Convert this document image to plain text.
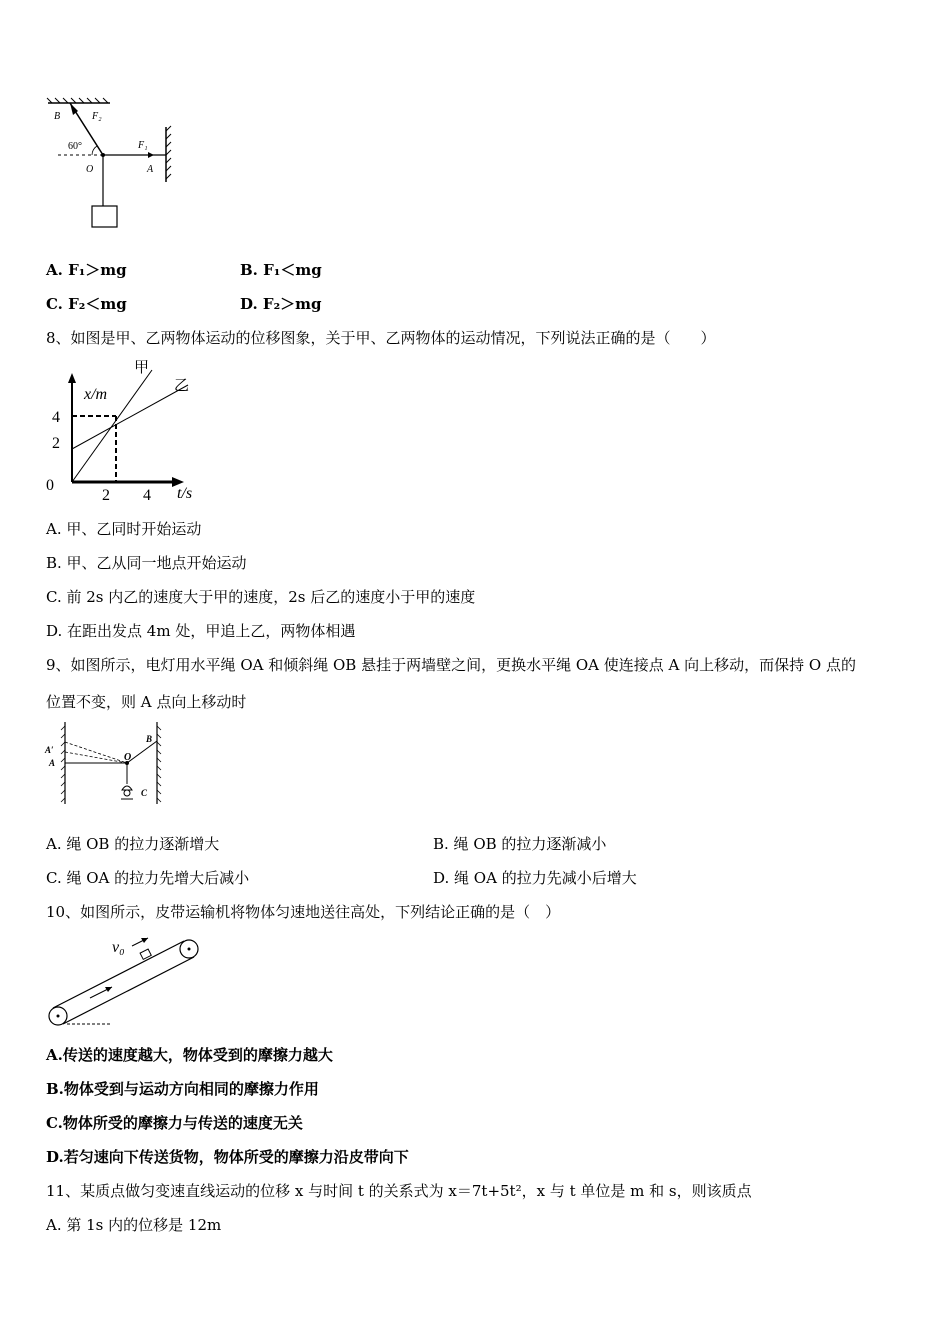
B	F₂
60°
O
F₁
A
A. F₁＞mg	B. F₁＜mg
C. F₂＜mg	D. F₂＞mg
8、如图是甲、乙两物体运动的位移图象，关于甲、乙两物体的运动情况，下列说法正确的是（　　）
甲
乙
x/m
4
2
0
2 4 t/s
A. 甲、乙同时开始运动
B. 甲、乙从同一地点开始运动
C. 前 2s 内乙的速度大于甲的速度，2s 后乙的速度小于甲的速度
D. 在距出发点 4m 处，甲追上乙，两物体相遇
9、如图所示，电灯用水平绳 OA 和倾斜绳 OB 悬挂于两墙壁之间，更换水平绳 OA 使连接点 A 向上移动，而保持 O 点的
位置不变，则 A 点向上移动时
A′
A	O
B
C
A. 绳 OB 的拉力逐渐增大	B. 绳 OB 的拉力逐渐减小
C. 绳 OA 的拉力先增大后减小	D. 绳 OA 的拉力先减小后增大
10、如图所示，皮带运输机将物体匀速地送往高处，下列结论正确的是（　）
v₀
A.传送的速度越大，物体受到的摩擦力越大
B.物体受到与运动方向相同的摩擦力作用
C.物体所受的摩擦力与传送的速度无关
D.若匀速向下传送货物，物体所受的摩擦力沿皮带向下
11、某质点做匀变速直线运动的位移 x 与时间 t 的关系式为 x＝7t+5t²，x 与 t 单位是 m 和 s，则该质点
A. 第 1s 内的位移是 12m
